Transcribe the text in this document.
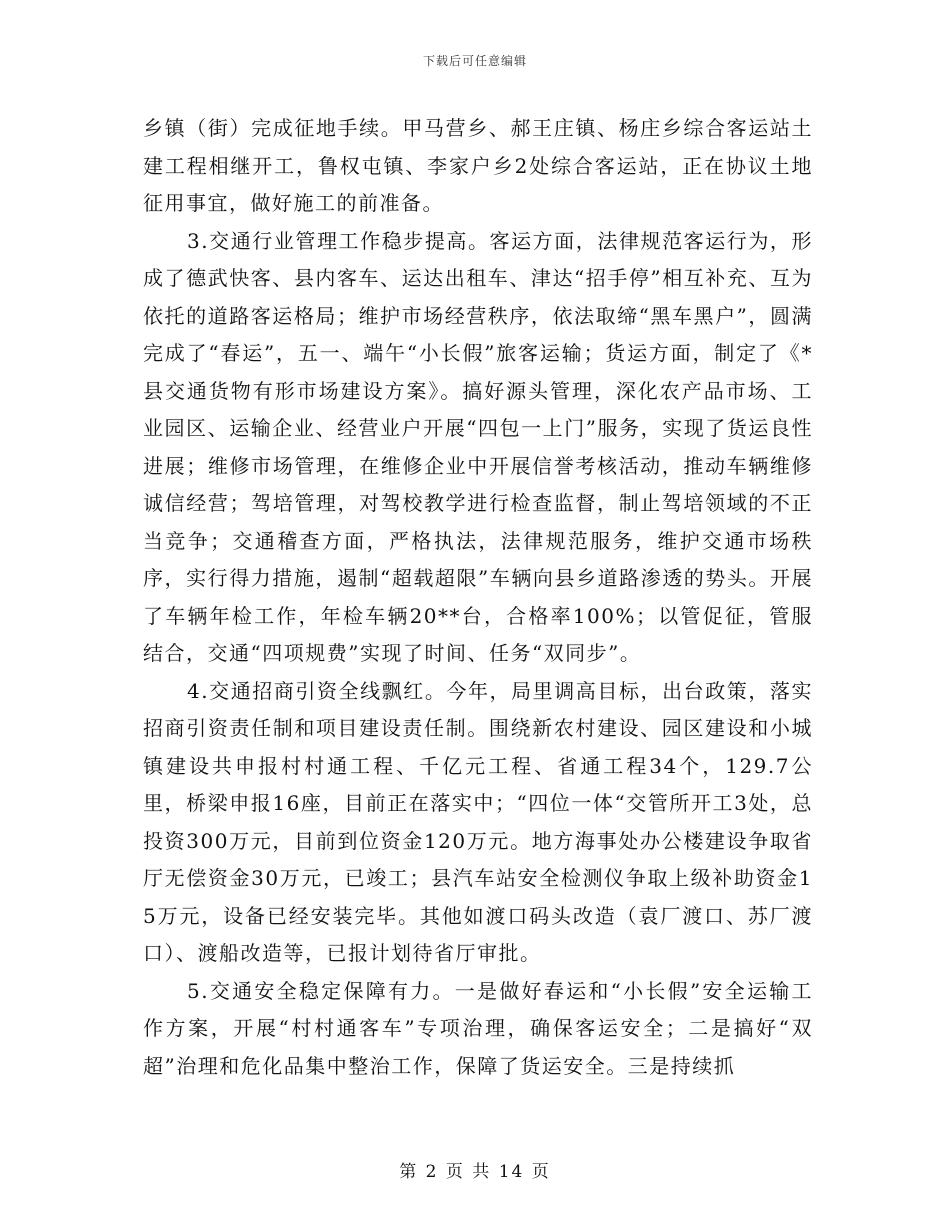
下载后可任意编辑

乡镇（街）完成征地手续。甲马营乡、郝王庄镇、杨庄乡综合客运站土建工程相继开工，鲁权屯镇、李家户乡2处综合客运站，正在协议土地征用事宜，做好施工的前准备。

3.交通行业管理工作稳步提高。客运方面，法律规范客运行为，形成了德武快客、县内客车、运达出租车、津达“招手停”相互补充、互为依托的道路客运格局；维护市场经营秩序，依法取缔“黑车黑户”，圆满完成了“春运”，五一、端午“小长假”旅客运输；货运方面，制定了《*县交通货物有形市场建设方案》。搞好源头管理，深化农产品市场、工业园区、运输企业、经营业户开展“四包一上门”服务，实现了货运良性进展；维修市场管理，在维修企业中开展信誉考核活动，推动车辆维修诚信经营；驾培管理，对驾校教学进行检查监督，制止驾培领域的不正当竞争；交通稽查方面，严格执法，法律规范服务，维护交通市场秩序，实行得力措施，遏制“超载超限”车辆向县乡道路渗透的势头。开展了车辆年检工作，年检车辆20**台，合格率100%；以管促征，管服结合，交通“四项规费”实现了时间、任务“双同步”。

4.交通招商引资全线飘红。今年，局里调高目标，出台政策，落实招商引资责任制和项目建设责任制。围绕新农村建设、园区建设和小城镇建设共申报村村通工程、千亿元工程、省通工程34个，129.7公里，桥梁申报16座，目前正在落实中；“四位一体“交管所开工3处，总投资300万元，目前到位资金120万元。地方海事处办公楼建设争取省厅无偿资金30万元，已竣工；县汽车站安全检测仪争取上级补助资金15万元，设备已经安装完毕。其他如渡口码头改造（袁厂渡口、苏厂渡口）、渡船改造等，已报计划待省厅审批。

5.交通安全稳定保障有力。一是做好春运和“小长假”安全运输工作方案，开展“村村通客车”专项治理，确保客运安全；二是搞好“双超”治理和危化品集中整治工作，保障了货运安全。三是持续抓

第 2 页 共 14 页
